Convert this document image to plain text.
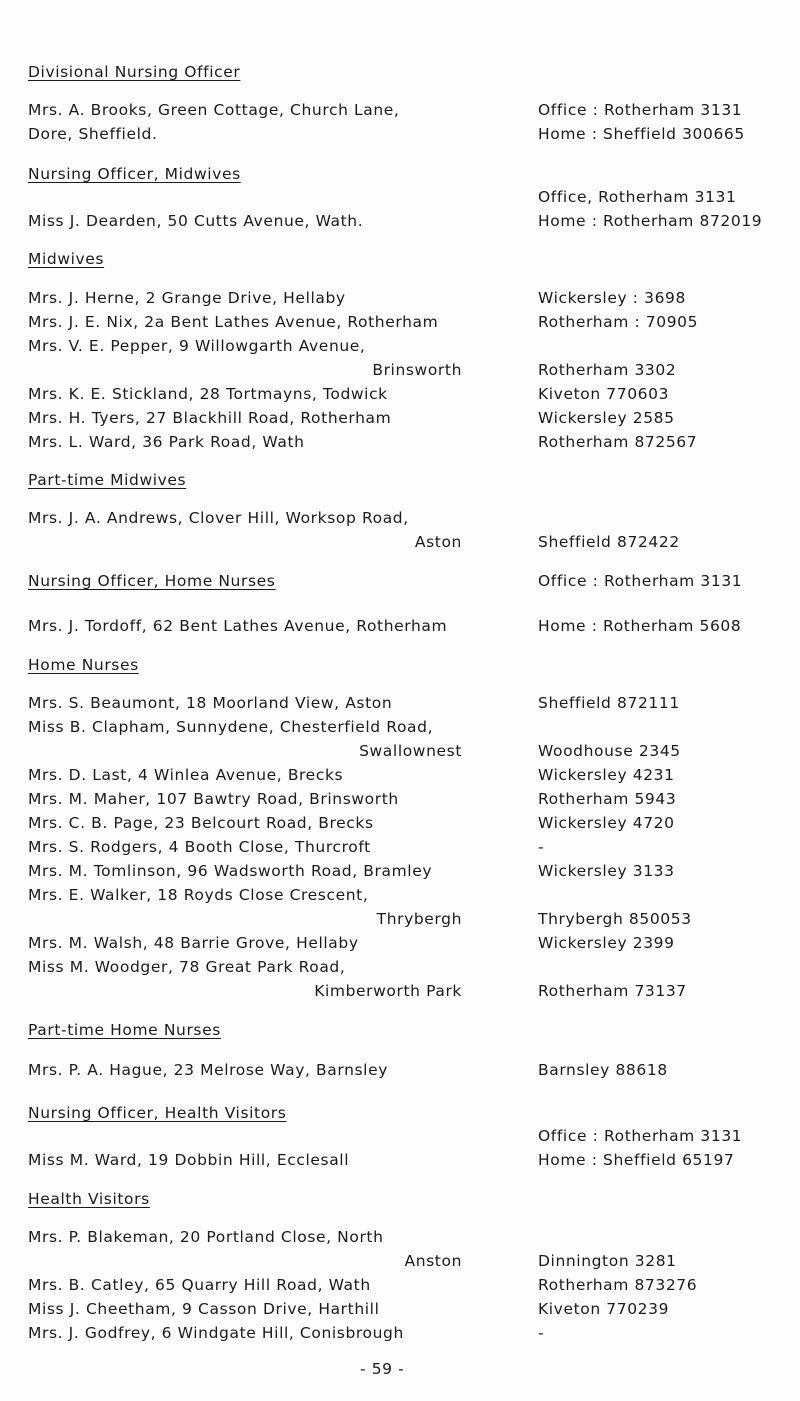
Divisional Nursing Officer
Mrs. A. Brooks, Green Cottage, Church Lane,	Office : Rotherham 3131
Dore, Sheffield.	Home : Sheffield 300665
Nursing Officer, Midwives
Office, Rotherham 3131
Miss J. Dearden, 50 Cutts Avenue, Wath.	Home : Rotherham 872019
Midwives
Mrs. J. Herne, 2 Grange Drive, Hellaby	Wickersley : 3698
Mrs. J. E. Nix, 2a Bent Lathes Avenue, Rotherham	Rotherham : 70905
Mrs. V. E. Pepper, 9 Willowgarth Avenue,
Brinsworth	Rotherham 3302
Mrs. K. E. Stickland, 28 Tortmayns, Todwick	Kiveton 770603
Mrs. H. Tyers, 27 Blackhill Road, Rotherham	Wickersley 2585
Mrs. L. Ward, 36 Park Road, Wath	Rotherham 872567
Part-time Midwives
Mrs. J. A. Andrews, Clover Hill, Worksop Road,
Aston	Sheffield 872422
Nursing Officer, Home Nurses	Office : Rotherham 3131
Mrs. J. Tordoff, 62 Bent Lathes Avenue, Rotherham	Home : Rotherham 5608
Home Nurses
Mrs. S. Beaumont, 18 Moorland View, Aston	Sheffield 872111
Miss B. Clapham, Sunnydene, Chesterfield Road,
Swallownest	Woodhouse 2345
Mrs. D. Last, 4 Winlea Avenue, Brecks	Wickersley 4231
Mrs. M. Maher, 107 Bawtry Road, Brinsworth	Rotherham 5943
Mrs. C. B. Page, 23 Belcourt Road, Brecks	Wickersley 4720
Mrs. S. Rodgers, 4 Booth Close, Thurcroft	-
Mrs. M. Tomlinson, 96 Wadsworth Road, Bramley	Wickersley 3133
Mrs. E. Walker, 18 Royds Close Crescent,
Thrybergh	Thrybergh 850053
Mrs. M. Walsh, 48 Barrie Grove, Hellaby	Wickersley 2399
Miss M. Woodger, 78 Great Park Road,
Kimberworth Park	Rotherham 73137
Part-time Home Nurses
Mrs. P. A. Hague, 23 Melrose Way, Barnsley	Barnsley 88618
Nursing Officer, Health Visitors
Office : Rotherham 3131
Miss M. Ward, 19 Dobbin Hill, Ecclesall	Home : Sheffield 65197
Health Visitors
Mrs. P. Blakeman, 20 Portland Close, North
Anston	Dinnington 3281
Mrs. B. Catley, 65 Quarry Hill Road, Wath	Rotherham 873276
Miss J. Cheetham, 9 Casson Drive, Harthill	Kiveton 770239
Mrs. J. Godfrey, 6 Windgate Hill, Conisbrough	-
- 59 -
